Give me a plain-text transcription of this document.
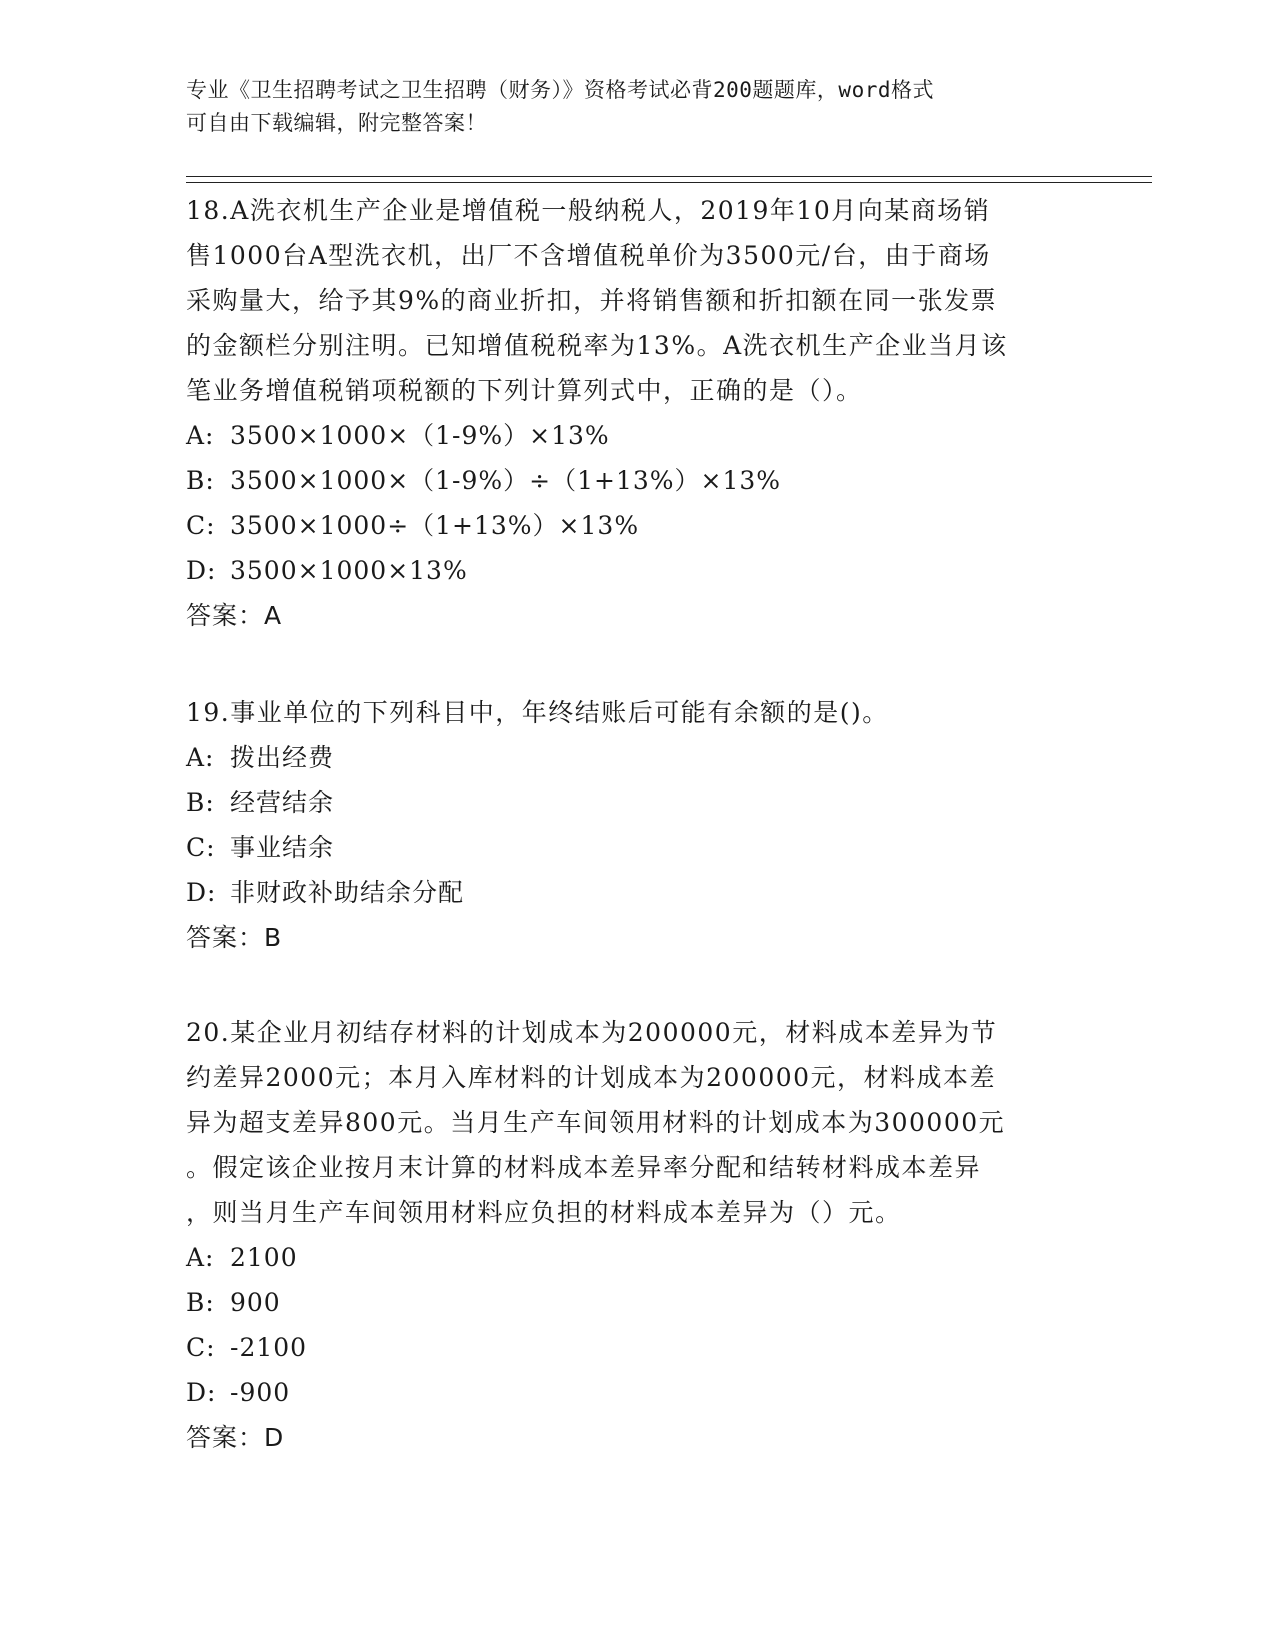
专业《卫生招聘考试之卫生招聘（财务）》资格考试必背200题题库，word格式
可自由下载编辑，附完整答案！
18.A洗衣机生产企业是增值税一般纳税人，2019年10月向某商场销
售1000台A型洗衣机，出厂不含增值税单价为3500元/台，由于商场
采购量大，给予其9%的商业折扣，并将销售额和折扣额在同一张发票
的金额栏分别注明。已知增值税税率为13%。A洗衣机生产企业当月该
笔业务增值税销项税额的下列计算列式中，正确的是（）。
A: 3500×1000×（1-9%）×13%
B: 3500×1000×（1-9%）÷（1+13%）×13%
C: 3500×1000÷（1+13%）×13%
D: 3500×1000×13%
答案：A
19.事业单位的下列科目中，年终结账后可能有余额的是()。
A: 拨出经费
B: 经营结余
C: 事业结余
D: 非财政补助结余分配
答案：B
20.某企业月初结存材料的计划成本为200000元，材料成本差异为节
约差异2000元；本月入库材料的计划成本为200000元，材料成本差
异为超支差异800元。当月生产车间领用材料的计划成本为300000元
。假定该企业按月末计算的材料成本差异率分配和结转材料成本差异
，则当月生产车间领用材料应负担的材料成本差异为（）元。
A: 2100
B: 900
C: -2100
D: -900
答案：D
